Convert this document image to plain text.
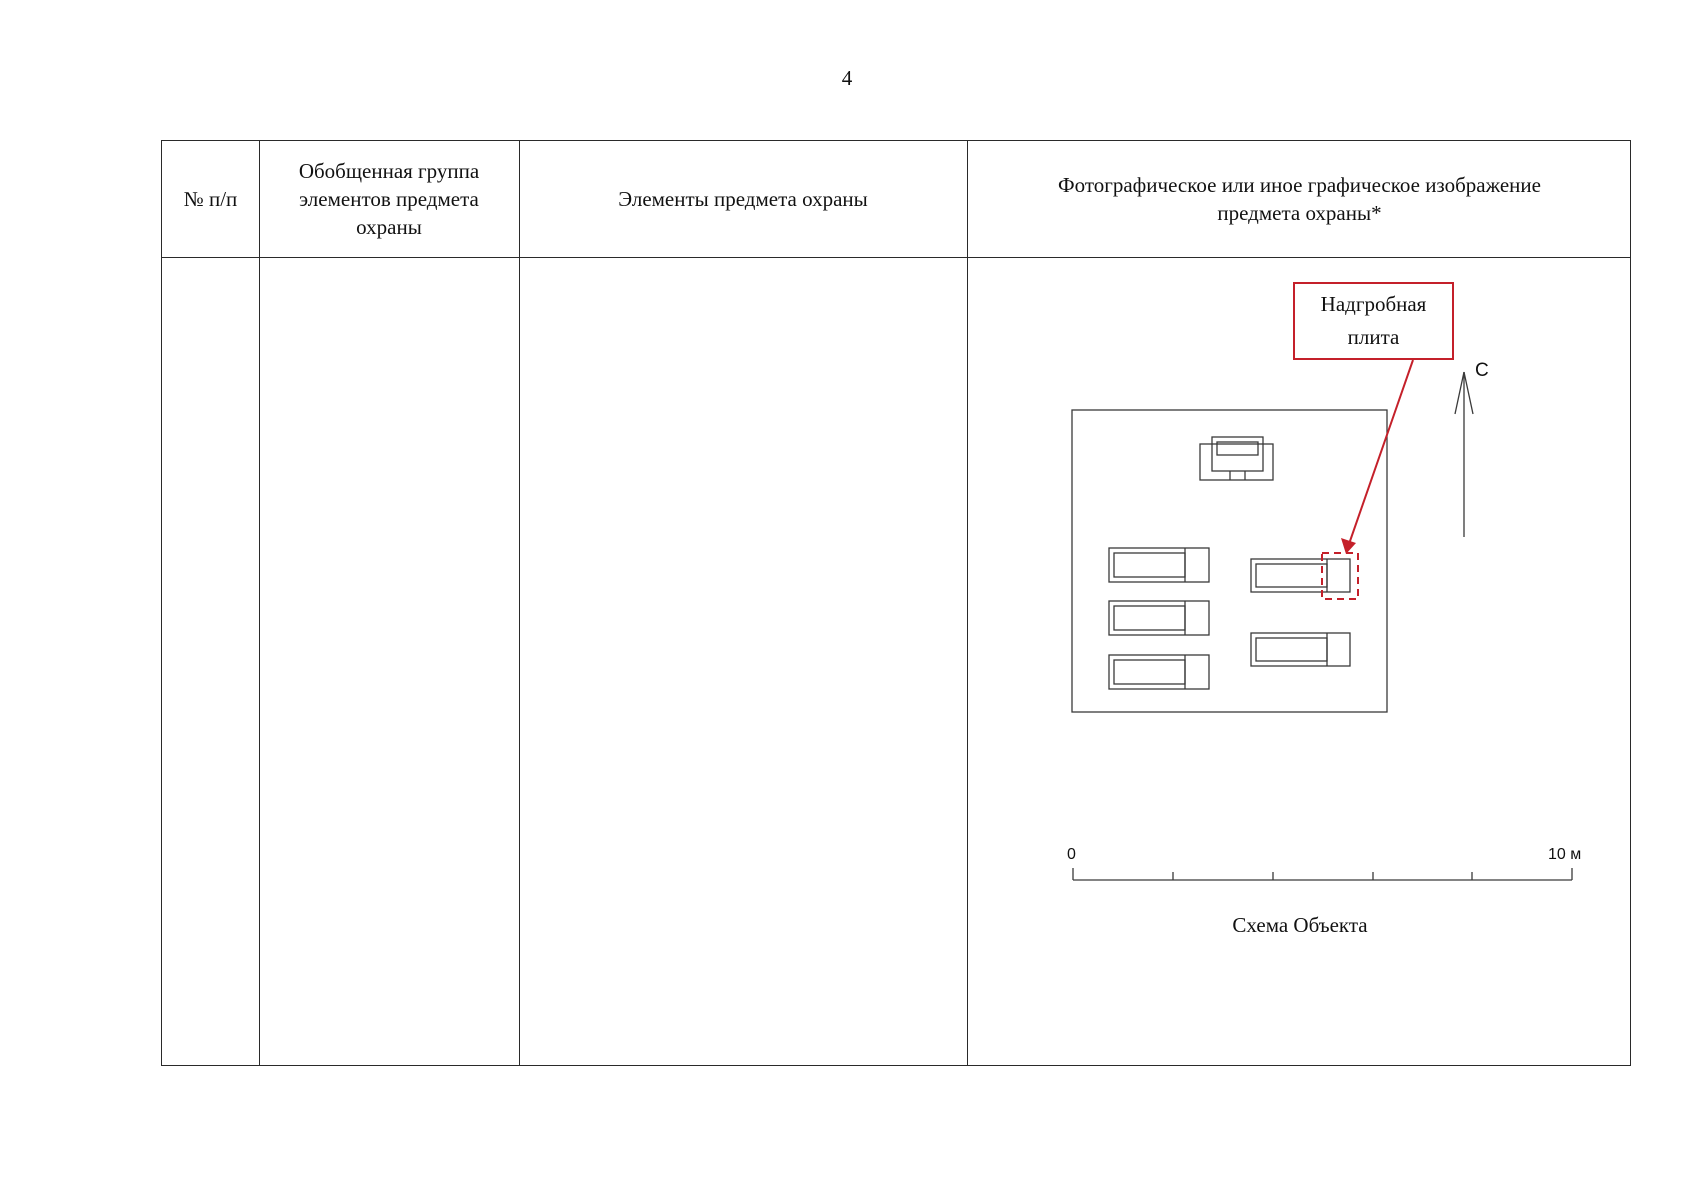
4
№ п/п
Обобщенная группа
элементов предмета
охраны
Элементы предмета охраны
Фотографическое или иное графическое изображение
предмета охраны*
Надгробная
плита
С
0	10 м
Схема Объекта
